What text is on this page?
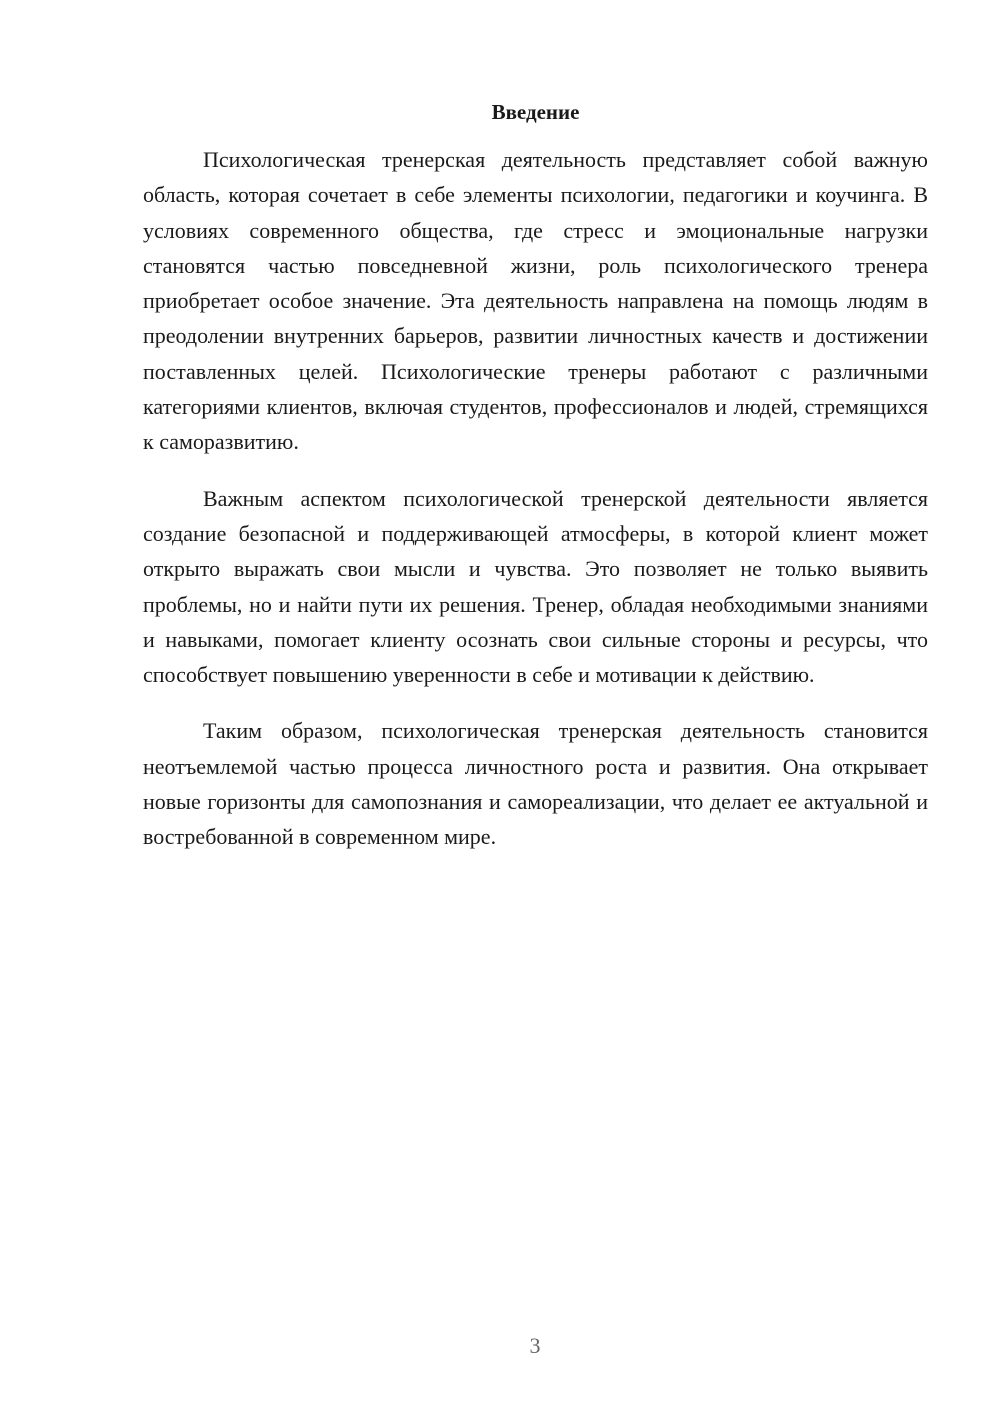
Введение

Психологическая тренерская деятельность представляет собой важную область, которая сочетает в себе элементы психологии, педагогики и коучинга. В условиях современного общества, где стресс и эмоциональные нагрузки становятся частью повседневной жизни, роль психологического тренера приобретает особое значение. Эта деятельность направлена на помощь людям в преодолении внутренних барьеров, развитии личностных качеств и достижении поставленных целей. Психологические тренеры работают с различными категориями клиентов, включая студентов, профессионалов и людей, стремящихся к саморазвитию.

Важным аспектом психологической тренерской деятельности является создание безопасной и поддерживающей атмосферы, в которой клиент может открыто выражать свои мысли и чувства. Это позволяет не только выявить проблемы, но и найти пути их решения. Тренер, обладая необходимыми знаниями и навыками, помогает клиенту осознать свои сильные стороны и ресурсы, что способствует повышению уверенности в себе и мотивации к действию.

Таким образом, психологическая тренерская деятельность становится неотъемлемой частью процесса личностного роста и развития. Она открывает новые горизонты для самопознания и самореализации, что делает ее актуальной и востребованной в современном мире.

3
